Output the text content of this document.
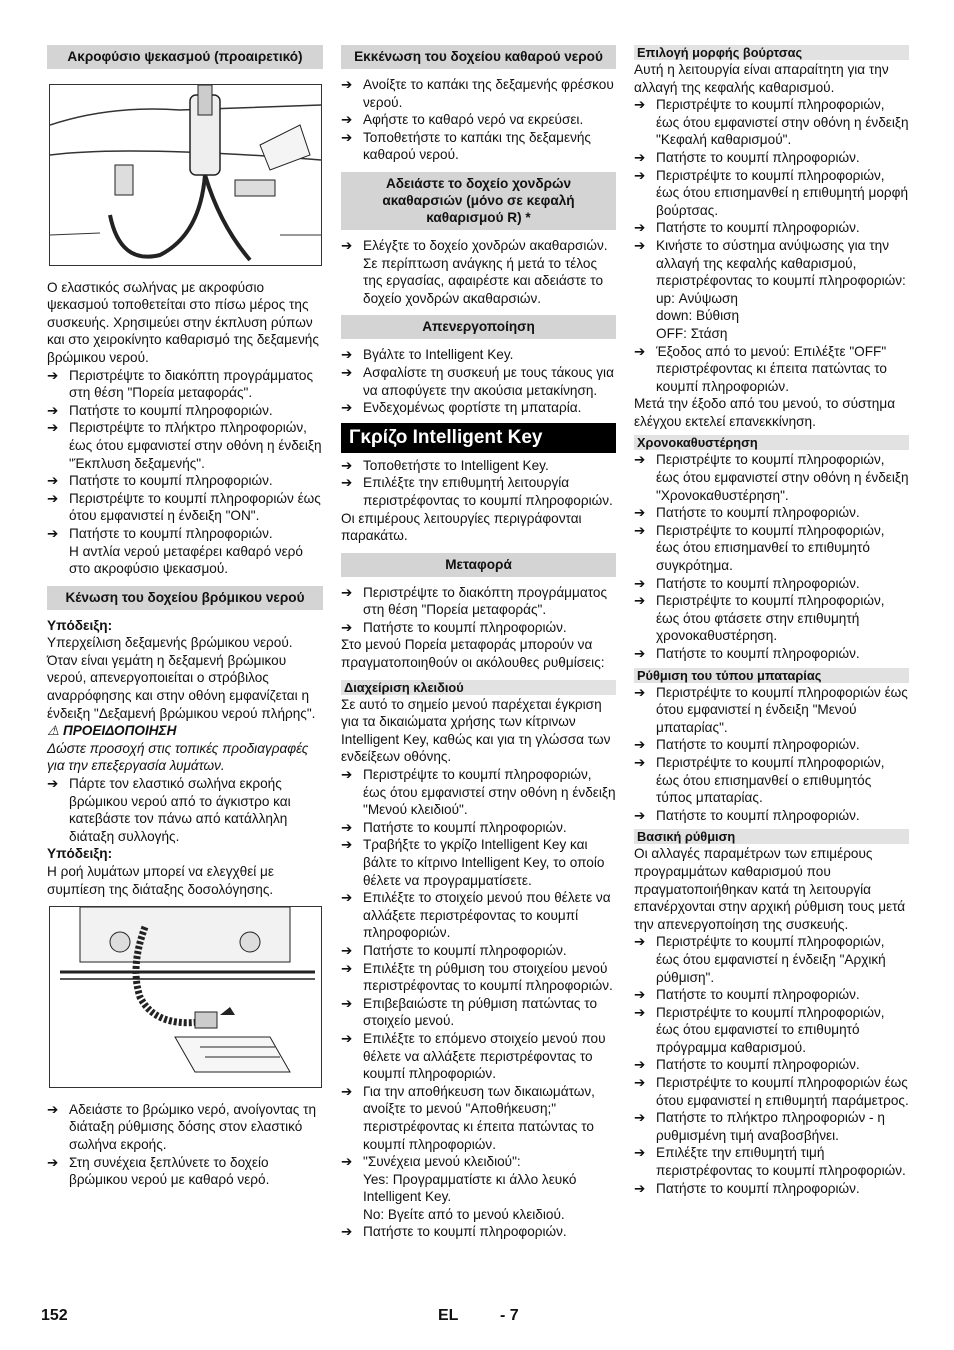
Ακροφύσιο ψεκασμού (προαιρετικό)

Ο ελαστικός σωλήνας με ακροφύσιο ψεκασμού τοποθετείται στο πίσω μέρος της συσκευής. Χρησιμεύει στην έκπλυση ρύπων και στο χειροκίνητο καθαρισμό της δεξαμενής βρώμικου νερού.

➔ Περιστρέψτε το διακόπτη προγράμματος στη θέση "Πορεία μεταφοράς".
➔ Πατήστε το κουμπί πληροφοριών.
➔ Περιστρέψτε το πλήκτρο πληροφοριών, έως ότου εμφανιστεί στην οθόνη η ένδειξη "Έκπλυση δεξαμενής".
➔ Πατήστε το κουμπί πληροφοριών.
➔ Περιστρέψτε το κουμπί πληροφοριών έως ότου εμφανιστεί η ένδειξη "ON".
➔ Πατήστε το κουμπί πληροφοριών.

Η αντλία νερού μεταφέρει καθαρό νερό στο ακροφύσιο ψεκασμού.

Κένωση του δοχείου βρόμικου νερού

Υπόδειξη:

Υπερχείλιση δεξαμενής βρώμικου νερού. Όταν είναι γεμάτη η δεξαμενή βρώμικου νερού, απενεργοποιείται ο στρόβιλος αναρρόφησης και στην οθόνη εμφανίζεται η ένδειξη "Δεξαμενή βρώμικου νερού πλήρης".

⚠ ΠΡΟΕΙΔΟΠΟΙΗΣΗ

Δώστε προσοχή στις τοπικές προδιαγραφές για την επεξεργασία λυμάτων.

➔ Πάρτε τον ελαστικό σωλήνα εκροής βρώμικου νερού από το άγκιστρο και κατεβάστε τον πάνω από κατάλληλη διάταξη συλλογής.

Υπόδειξη:

Η ροή λυμάτων μπορεί να ελεγχθεί με συμπίεση της διάταξης δοσολόγησης.

➔ Αδειάστε το βρώμικο νερό, ανοίγοντας τη διάταξη ρύθμισης δόσης στον ελαστικό σωλήνα εκροής.
➔ Στη συνέχεια ξεπλύνετε το δοχείο βρώμικου νερού με καθαρό νερό.
Εκκένωση του δοχείου καθαρού νερού
➔ Ανοίξτε το καπάκι της δεξαμενής φρέσκου νερού.
➔ Αφήστε το καθαρό νερό να εκρεύσει.
➔ Τοποθετήστε το καπάκι της δεξαμενής καθαρού νερού.
Αδειάστε το δοχείο χονδρών ακαθαρσιών (μόνο σε κεφαλή καθαρισμού R) *
➔ Ελέγξτε το δοχείο χονδρών ακαθαρσιών. Σε περίπτωση ανάγκης ή μετά το τέλος της εργασίας, αφαιρέστε και αδειάστε το δοχείο χονδρών ακαθαρσιών.
Απενεργοποίηση
➔ Βγάλτε το Intelligent Key.
➔ Ασφαλίστε τη συσκευή με τους τάκους για να αποφύγετε την ακούσια μετακίνηση.
➔ Ενδεχομένως φορτίστε τη μπαταρία.
Γκρίζο Intelligent Key
➔ Τοποθετήστε το Intelligent Key.
➔ Επιλέξτε την επιθυμητή λειτουργία περιστρέφοντας το κουμπί πληροφοριών.

Οι επιμέρους λειτουργίες περιγράφονται παρακάτω.

Μεταφορά
➔ Περιστρέψτε το διακόπτη προγράμματος στη θέση "Πορεία μεταφοράς".
➔ Πατήστε το κουμπί πληροφοριών.

Στο μενού Πορεία μεταφοράς μπορούν να πραγματοποιηθούν οι ακόλουθες ρυθμίσεις:

Διαχείριση κλειδιού

Σε αυτό το σημείο μενού παρέχεται έγκριση για τα δικαιώματα χρήσης των κίτρινων Intelligent Key, καθώς και για τη γλώσσα των ενδείξεων οθόνης.

➔ Περιστρέψτε το κουμπί πληροφοριών, έως ότου εμφανιστεί στην οθόνη η ένδειξη "Μενού κλειδιού".
➔ Πατήστε το κουμπί πληροφοριών.
➔ Τραβήξτε το γκρίζο Intelligent Key και βάλτε το κίτρινο Intelligent Key, το οποίο θέλετε να προγραμματίσετε.
➔ Επιλέξτε το στοιχείο μενού που θέλετε να αλλάξετε περιστρέφοντας το κουμπί πληροφοριών.
➔ Πατήστε το κουμπί πληροφοριών.
➔ Επιλέξτε τη ρύθμιση του στοιχείου μενού περιστρέφοντας το κουμπί πληροφοριών.
➔ Επιβεβαιώστε τη ρύθμιση πατώντας το στοιχείο μενού.
➔ Επιλέξτε το επόμενο στοιχείο μενού που θέλετε να αλλάξετε περιστρέφοντας το κουμπί πληροφοριών.
➔ Για την αποθήκευση των δικαιωμάτων, ανοίξτε το μενού "Αποθήκευση;" περιστρέφοντας κι έπειτα πατώντας το κουμπί πληροφοριών.
➔ "Συνέχεια μενού κλειδιού":

Yes: Προγραμματίστε κι άλλο λευκό Intelligent Key.

No: Βγείτε από το μενού κλειδιού.

➔ Πατήστε το κουμπί πληροφοριών.
Επιλογή μορφής βούρτσας

Αυτή η λειτουργία είναι απαραίτητη για την αλλαγή της κεφαλής καθαρισμού.

➔ Περιστρέψτε το κουμπί πληροφοριών, έως ότου εμφανιστεί στην οθόνη η ένδειξη "Κεφαλή καθαρισμού".
➔ Πατήστε το κουμπί πληροφοριών.
➔ Περιστρέψτε το κουμπί πληροφοριών, έως ότου επισημανθεί η επιθυμητή μορφή βούρτσας.
➔ Πατήστε το κουμπί πληροφοριών.
➔ Κινήστε το σύστημα ανύψωσης για την αλλαγή της κεφαλής καθαρισμού, περιστρέφοντας το κουμπί πληροφοριών:

up: Ανύψωση

down: Βύθιση

OFF: Στάση

➔ Έξοδος από το μενού: Επιλέξτε "OFF" περιστρέφοντας κι έπειτα πατώντας το κουμπί πληροφοριών.

Μετά την έξοδο από του μενού, το σύστημα ελέγχου εκτελεί επανεκκίνηση.

Χρονοκαθυστέρηση
➔ Περιστρέψτε το κουμπί πληροφοριών, έως ότου εμφανιστεί στην οθόνη η ένδειξη "Χρονοκαθυστέρηση".
➔ Πατήστε το κουμπί πληροφοριών.
➔ Περιστρέψτε το κουμπί πληροφοριών, έως ότου επισημανθεί το επιθυμητό συγκρότημα.
➔ Πατήστε το κουμπί πληροφοριών.
➔ Περιστρέψτε το κουμπί πληροφοριών, έως ότου φτάσετε στην επιθυμητή χρονοκαθυστέρηση.
➔ Πατήστε το κουμπί πληροφοριών.
Ρύθμιση του τύπου μπαταρίας
➔ Περιστρέψτε το κουμπί πληροφοριών έως ότου εμφανιστεί η ένδειξη "Μενού μπαταρίας".
➔ Πατήστε το κουμπί πληροφοριών.
➔ Περιστρέψτε το κουμπί πληροφοριών, έως ότου επισημανθεί ο επιθυμητός τύπος μπαταρίας.
➔ Πατήστε το κουμπί πληροφοριών.
Βασική ρύθμιση

Οι αλλαγές παραμέτρων των επιμέρους προγραμμάτων καθαρισμού που πραγματοποιήθηκαν κατά τη λειτουργία επανέρχονται στην αρχική ρύθμιση τους μετά την απενεργοποίηση της συσκευής.

➔ Περιστρέψτε το κουμπί πληροφοριών, έως ότου εμφανιστεί η ένδειξη "Αρχική ρύθμιση".
➔ Πατήστε το κουμπί πληροφοριών.
➔ Περιστρέψτε το κουμπί πληροφοριών, έως ότου εμφανιστεί το επιθυμητό πρόγραμμα καθαρισμού.
➔ Πατήστε το κουμπί πληροφοριών.
➔ Περιστρέψτε το κουμπί πληροφοριών έως ότου εμφανιστεί η επιθυμητή παράμετρος.
➔ Πατήστε το πλήκτρο πληροφοριών - η ρυθμισμένη τιμή αναβοσβήνει.
➔ Επιλέξτε την επιθυμητή τιμή περιστρέφοντας το κουμπί πληροφοριών.
➔ Πατήστε το κουμπί πληροφοριών.
152	EL	- 7
